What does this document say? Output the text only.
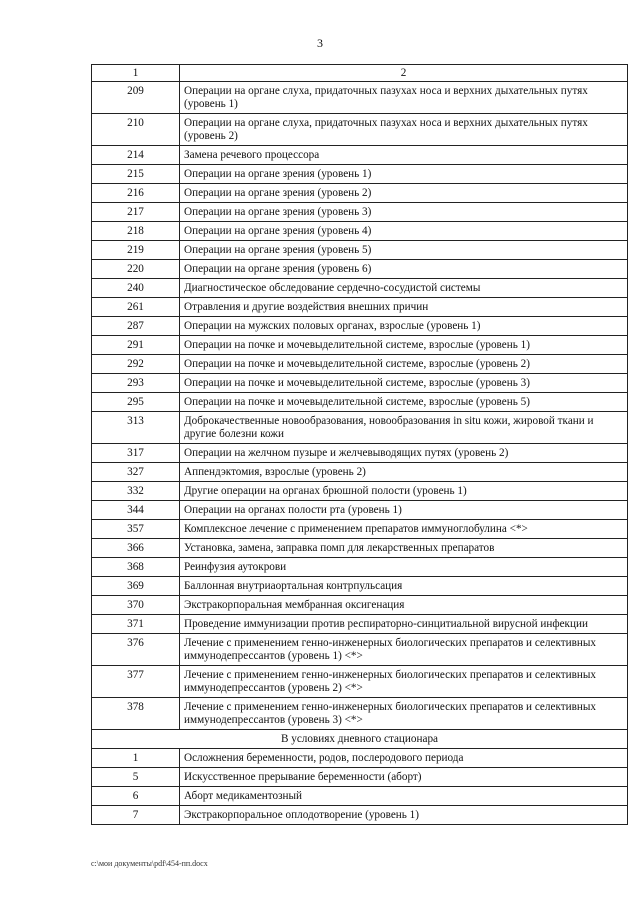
3
1	2
209	Операции на органе слуха, придаточных пазухах носа и верхних дыхательных путях (уровень 1)
210	Операции на органе слуха, придаточных пазухах носа и верхних дыхательных путях (уровень 2)
214	Замена речевого процессора
215	Операции на органе зрения (уровень 1)
216	Операции на органе зрения (уровень 2)
217	Операции на органе зрения (уровень 3)
218	Операции на органе зрения (уровень 4)
219	Операции на органе зрения (уровень 5)
220	Операции на органе зрения (уровень 6)
240	Диагностическое обследование сердечно-сосудистой системы
261	Отравления и другие воздействия внешних причин
287	Операции на мужских половых органах, взрослые (уровень 1)
291	Операции на почке и мочевыделительной системе, взрослые (уровень 1)
292	Операции на почке и мочевыделительной системе, взрослые (уровень 2)
293	Операции на почке и мочевыделительной системе, взрослые (уровень 3)
295	Операции на почке и мочевыделительной системе, взрослые (уровень 5)
313	Доброкачественные новообразования, новообразования in situ кожи, жировой ткани и другие болезни кожи
317	Операции на желчном пузыре и желчевыводящих путях (уровень 2)
327	Аппендэктомия, взрослые (уровень 2)
332	Другие операции на органах брюшной полости (уровень 1)
344	Операции на органах полости рта (уровень 1)
357	Комплексное лечение с применением препаратов иммуноглобулина <*>
366	Установка, замена, заправка помп для лекарственных препаратов
368	Реинфузия аутокрови
369	Баллонная внутриаортальная контрпульсация
370	Экстракорпоральная мембранная оксигенация
371	Проведение иммунизации против респираторно-синцитиальной вирусной инфекции
376	Лечение с применением генно-инженерных биологических препаратов и селективных иммунодепрессантов (уровень 1) <*>
377	Лечение с применением генно-инженерных биологических препаратов и селективных иммунодепрессантов (уровень 2) <*>
378	Лечение с применением генно-инженерных биологических препаратов и селективных иммунодепрессантов (уровень 3) <*>
В условиях дневного стационара	
1	Осложнения беременности, родов, послеродового периода
5	Искусственное прерывание беременности (аборт)
6	Аборт медикаментозный
7	Экстракорпоральное оплодотворение (уровень 1)
c:\мои документы\pdf\454-пп.docx
